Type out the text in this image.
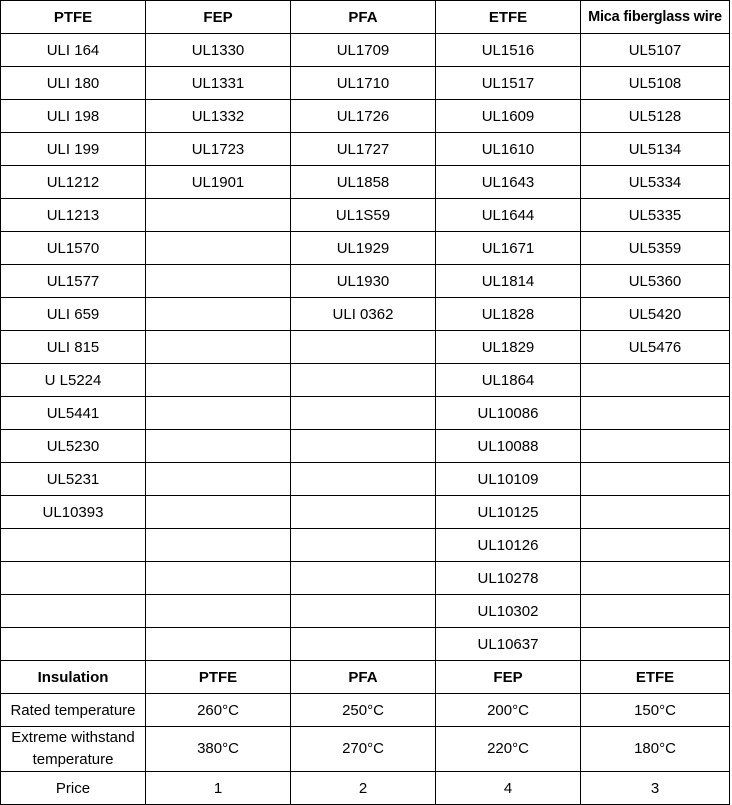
PTFE	FEP	PFA	ETFE	Mica fiberglass wire
ULI 164	UL1330	UL1709	UL1516	UL5107
ULI 180	UL1331	UL1710	UL1517	UL5108
ULI 198	UL1332	UL1726	UL1609	UL5128
ULI 199	UL1723	UL1727	UL1610	UL5134
UL1212	UL1901	UL1858	UL1643	UL5334
UL1213		UL1S59	UL1644	UL5335
UL1570		UL1929	UL1671	UL5359
UL1577		UL1930	UL1814	UL5360
ULI 659		ULI 0362	UL1828	UL5420
ULI 815			UL1829	UL5476
U L5224			UL1864	
UL5441			UL10086	
UL5230			UL10088	
UL5231			UL10109	
UL10393			UL10125	
			UL10126	
			UL10278	
			UL10302	
			UL10637	
Insulation	PTFE	PFA	FEP	ETFE
Rated temperature	260°C	250°C	200°C	150°C
Extreme withstand temperature	380°C	270°C	220°C	180°C
Price	1	2	4	3
